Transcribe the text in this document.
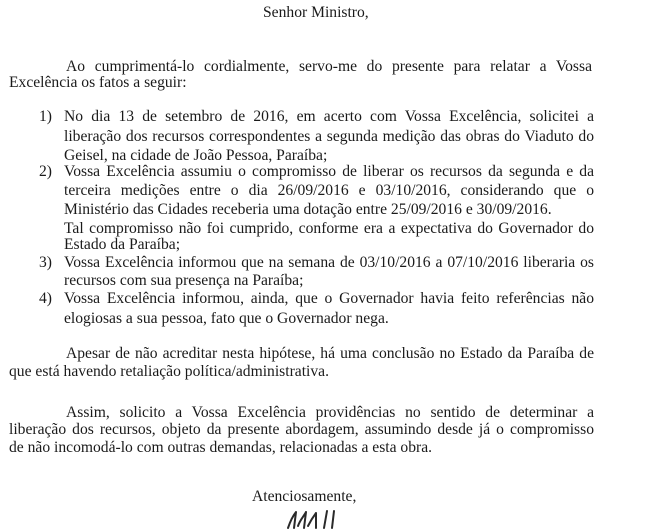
Senhor Ministro,
Ao cumprimentá-lo cordialmente, servo-me do presente para relatar a Vossa
Excelência os fatos a seguir:
1) No dia 13 de setembro de 2016, em acerto com Vossa Excelência, solicitei a
liberação dos recursos correspondentes a segunda medição das obras do Viaduto do
Geisel, na cidade de João Pessoa, Paraíba;
2) Vossa Excelência assumiu o compromisso de liberar os recursos da segunda e da
terceira medições entre o dia 26/09/2016 e 03/10/2016, considerando que o
Ministério das Cidades receberia uma dotação entre 25/09/2016 e 30/09/2016.
Tal compromisso não foi cumprido, conforme era a expectativa do Governador do
Estado da Paraíba;
3) Vossa Excelência informou que na semana de 03/10/2016 a 07/10/2016 liberaria os
recursos com sua presença na Paraíba;
4) Vossa Excelência informou, ainda, que o Governador havia feito referências não
elogiosas a sua pessoa, fato que o Governador nega.
Apesar de não acreditar nesta hipótese, há uma conclusão no Estado da Paraíba de
que está havendo retaliação política/administrativa.
Assim, solicito a Vossa Excelência providências no sentido de determinar a
liberação dos recursos, objeto da presente abordagem, assumindo desde já o compromisso
de não incomodá-lo com outras demandas, relacionadas a esta obra.
Atenciosamente,
